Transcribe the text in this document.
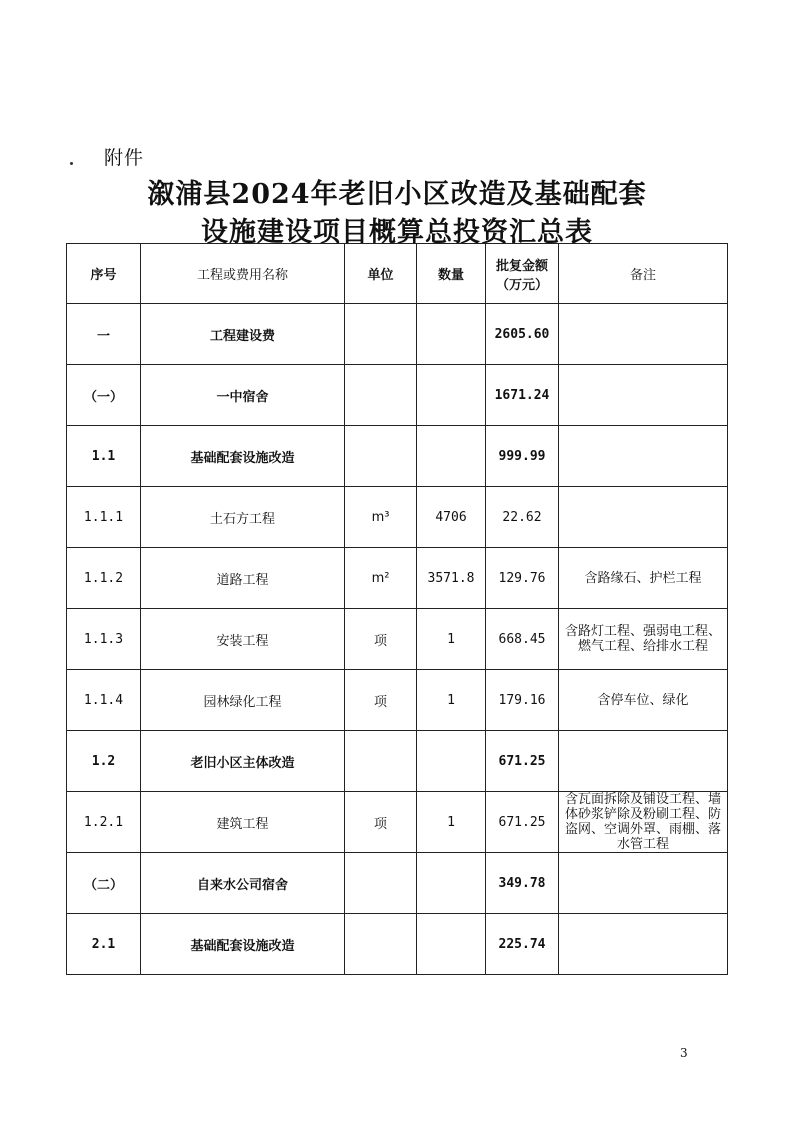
附件
溆浦县2024年老旧小区改造及基础配套
设施建设项目概算总投资汇总表
序号	工程或费用名称	单位	数量	批复金额（万元）	备注
一	工程建设费			2605.60	
（一）	一中宿舍			1671.24	
1.1	基础配套设施改造			999.99	
1.1.1	土石方工程	m³	4706	22.62	
1.1.2	道路工程	m²	3571.8	129.76	含路缘石、护栏工程
1.1.3	安装工程	项	1	668.45	含路灯工程、强弱电工程、燃气工程、给排水工程
1.1.4	园林绿化工程	项	1	179.16	含停车位、绿化
1.2	老旧小区主体改造			671.25	
1.2.1	建筑工程	项	1	671.25	含瓦面拆除及铺设工程、墙体砂浆铲除及粉刷工程、防盗网、空调外罩、雨棚、落水管工程
（二）	自来水公司宿舍			349.78	
2.1	基础配套设施改造			225.74	
3
